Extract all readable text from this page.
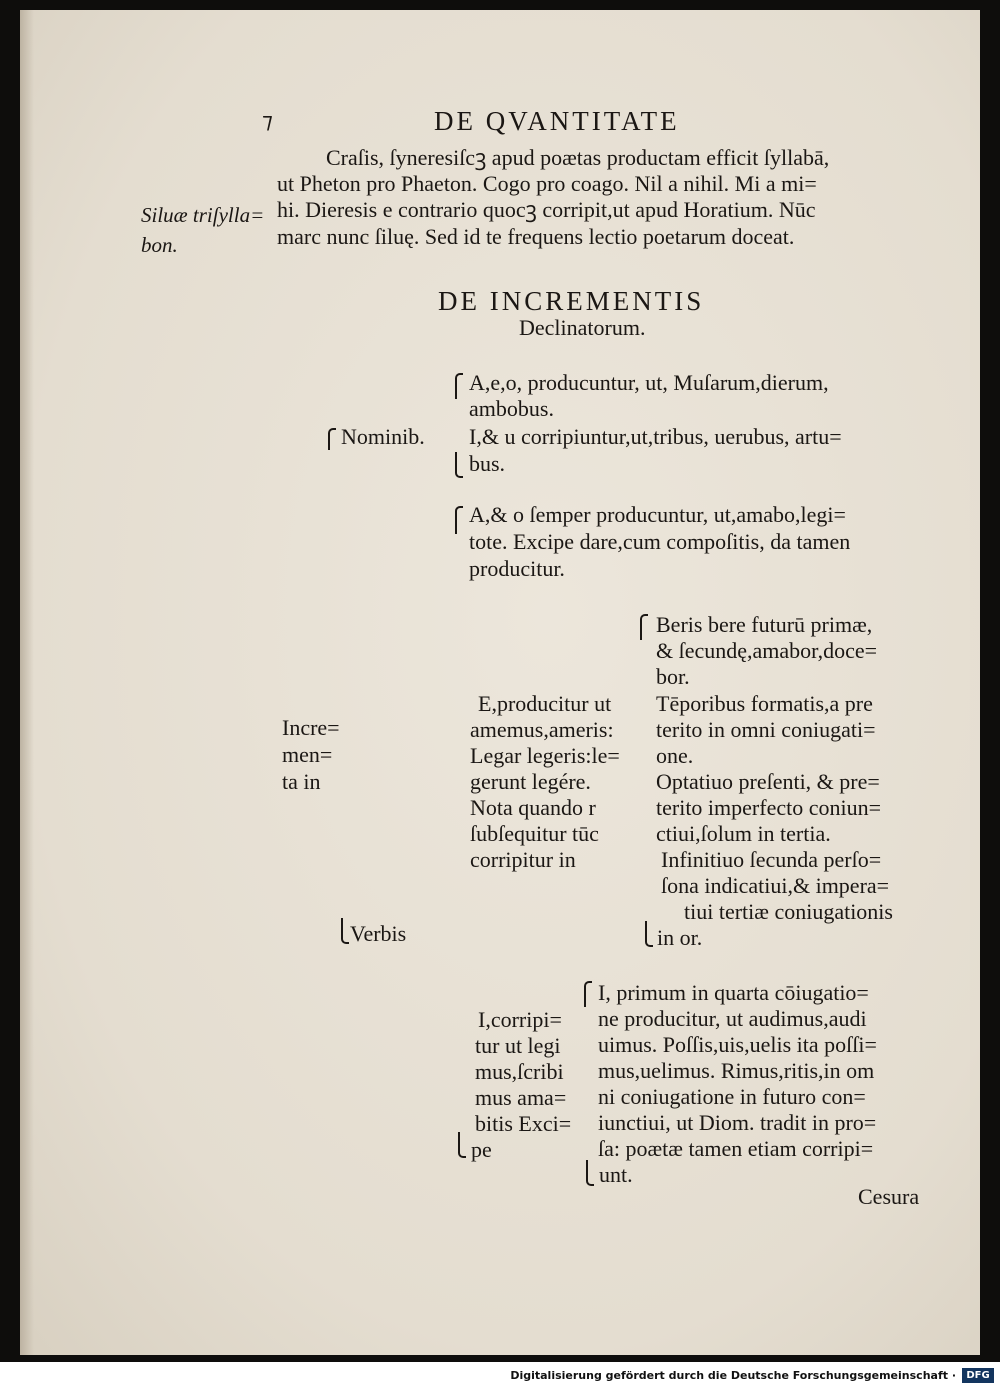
⁊	DE QVANTITATE
Siluæ triſylla=
bon.
Craſis, ſyneresiſcꝫ apud poætas productam efficit ſyllabā,
ut Pheton pro Phaeton. Cogo pro coago. Nil a nihil. Mi a mi=
hi. Dieresis e contrario quocꝫ corripit,ut apud Horatium. Nūc
marc nunc ſiluę. Sed id te frequens lectio poetarum doceat.
DE INCREMENTIS
Declinatorum.
Nominib.
A,e,o, producuntur, ut, Muſarum,dierum,
ambobus.
I,& u corripiuntur,ut,tribus, uerubus, artu=
bus.
A,& o ſemper producuntur, ut,amabo,legi=
tote. Excipe dare,cum compoſitis, da tamen
producitur.
Incre=
men=
ta in
Verbis
E,producitur ut
amemus,ameris:
Legar legeris:le=
gerunt legére.
Nota quando r
ſubſequitur tūc
corripitur in
Beris bere futurū primæ,
& ſecundę,amabor,doce=
bor.
Tēporibus formatis,a pre
terito in omni coniugati=
one.
Optatiuo preſenti, & pre=
terito imperfecto coniun=
ctiui,ſolum in tertia.
Infinitiuo ſecunda perſo=
ſona indicatiui,& impera=
tiui tertiæ coniugationis
in or.
I,corripi=
tur ut legi
mus,ſcribi
mus ama=
bitis Exci=
pe
I, primum in quarta cōiugatio=
ne producitur, ut audimus,audi
uimus. Poſſis,uis,uelis ita poſſi=
mus,uelimus. Rimus,ritis,in om
ni coniugatione in futuro con=
iunctiui, ut Diom. tradit in pro=
ſa: poætæ tamen etiam corripi=
unt.
Cesura
Digitalisierung gefördert durch die Deutsche Forschungsgemeinschaft ·	DFG
